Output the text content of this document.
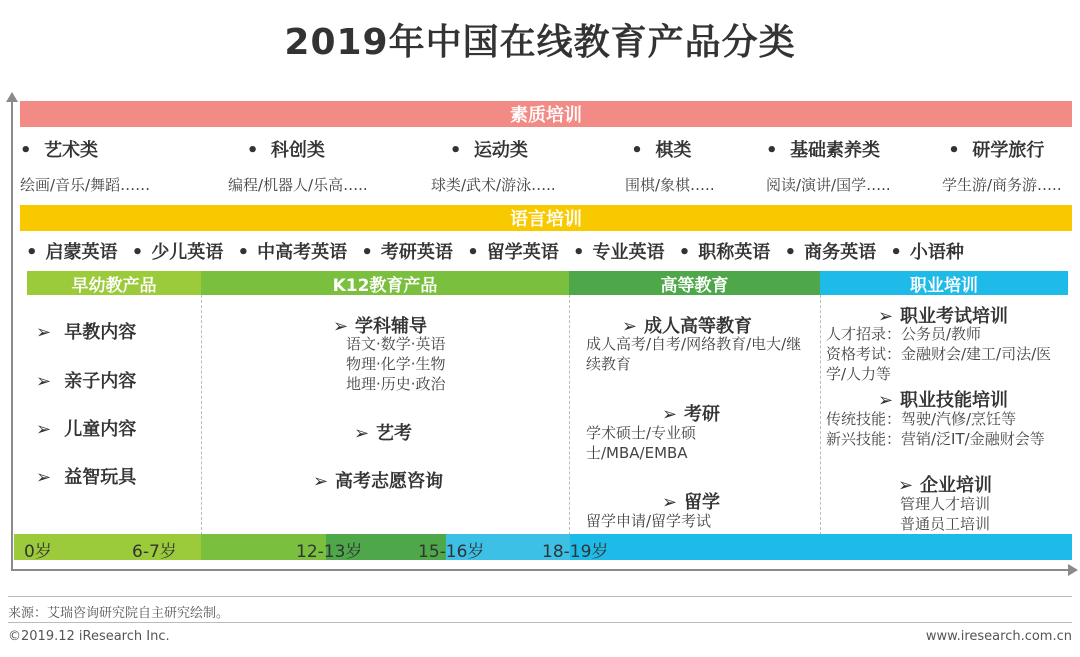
2019年中国在线教育产品分类
素质培训
• 艺术类
绘画/音乐/舞蹈……
• 科创类
编程/机器人/乐高…..
• 运动类
球类/武术/游泳…..
• 棋类
围棋/象棋…..
• 基础素养类
阅读/演讲/国学…..
• 研学旅行
学生游/商务游…..
语言培训
• 启蒙英语 • 少儿英语 • 中高考英语 • 考研英语 • 留学英语 • 专业英语 • 职称英语 • 商务英语 • 小语种
早幼教产品	K12教育产品	高等教育	职业培训
➢ 早教内容
➢ 亲子内容
➢ 儿童内容
➢ 益智玩具
➢ 学科辅导
语文·数学·英语
物理·化学·生物
地理·历史·政治
➢ 艺考
➢ 高考志愿咨询
➢ 成人高等教育
成人高考/自考/网络教育/电大/继续教育
➢ 考研
学术硕士/专业硕士/MBA/EMBA
➢ 留学
留学申请/留学考试
➢ 职业考试培训
人才招录：公务员/教师
资格考试：金融财会/建工/司法/医学/人力等
➢ 职业技能培训
传统技能：驾驶/汽修/烹饪等
新兴技能：营销/泛IT/金融财会等
➢ 企业培训
管理人才培训
普通员工培训
0岁	6-7岁	12-13岁	15-16岁	18-19岁
来源：艾瑞咨询研究院自主研究绘制。
©2019.12 iResearch Inc.	www.iresearch.com.cn
